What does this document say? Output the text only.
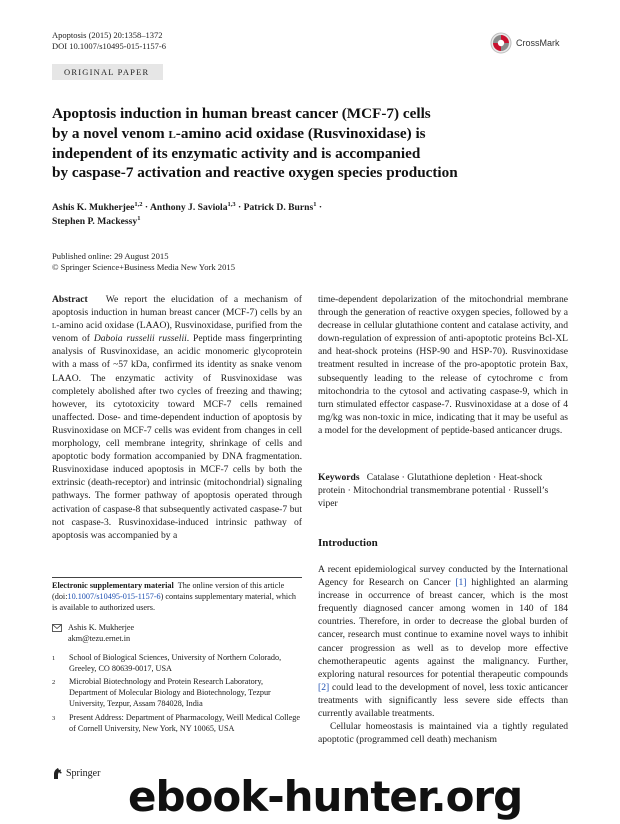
Apoptosis (2015) 20:1358–1372
DOI 10.1007/s10495-015-1157-6	CrossMark
ORIGINAL PAPER
Apoptosis induction in human breast cancer (MCF-7) cells
by a novel venom l-amino acid oxidase (Rusvinoxidase) is
independent of its enzymatic activity and is accompanied
by caspase-7 activation and reactive oxygen species production
Ashis K. Mukherjee$^{1,2}$ · Anthony J. Saviola$^{1,3}$ · Patrick D. Burns$^1$ ·
Stephen P. Mackessy$^1$
Published online: 29 August 2015
© Springer Science+Business Media New York 2015
Abstract We report the elucidation of a mechanism of apoptosis induction in human breast cancer (MCF-7) cells by an l-amino acid oxidase (LAAO), Rusvinoxidase, purified from the venom of Daboia russelii russelii. Peptide mass fingerprinting analysis of Rusvinoxidase, an acidic monomeric glycoprotein with a mass of ~57 kDa, confirmed its identity as snake venom LAAO. The enzymatic activity of Rusvinoxidase was completely abolished after two cycles of freezing and thawing; however, its cytotoxicity toward MCF-7 cells remained unaffected. Dose- and time-dependent induction of apoptosis by Rusvinoxidase on MCF-7 cells was evident from changes in cell morphology, cell membrane integrity, shrinkage of cells and apoptotic body formation accompanied by DNA fragmentation. Rusvinoxidase induced apoptosis in MCF-7 cells by both the extrinsic (death-receptor) and intrinsic (mitochondrial) signaling pathways. The former pathway of apoptosis operated through activation of caspase-8 that subsequently activated caspase-7 but not caspase-3. Rusvinoxidase-induced intrinsic pathway of apoptosis was accompanied by a
time-dependent depolarization of the mitochondrial membrane through the generation of reactive oxygen species, followed by a decrease in cellular glutathione content and catalase activity, and down-regulation of expression of anti-apoptotic proteins Bcl-XL and heat-shock proteins (HSP-90 and HSP-70). Rusvinoxidase treatment resulted in increase of the pro-apoptotic protein Bax, subsequently leading to the release of cytochrome c from mitochondria to the cytosol and activating caspase-9, which in turn stimulated effector caspase-7. Rusvinoxidase at a dose of 4 mg/kg was non-toxic in mice, indicating that it may be useful as a model for the development of peptide-based anticancer drugs.
Keywords Catalase · Glutathione depletion · Heat-shock protein · Mitochondrial transmembrane potential · Russell’s viper
Introduction

A recent epidemiological survey conducted by the International Agency for Research on Cancer [1] highlighted an alarming increase in occurrence of breast cancer, which is the most frequently diagnosed cancer among women in 140 of 184 countries. Therefore, in order to decrease the global burden of cancer, research must continue to examine novel ways to inhibit cancer progression as well as to develop more effective chemotherapeutic agents against the malignancy. Further, exploring natural resources for potential therapeutic compounds [2] could lead to the development of novel, less toxic anticancer treatments with significantly less severe side effects than currently available treatments.

Cellular homeostasis is maintained via a tightly regulated apoptotic (programmed cell death) mechanism

Electronic supplementary material The online version of this article (doi:10.1007/s10495-015-1157-6) contains supplementary material, which is available to authorized users.
Ashis K. Mukherjee
akm@tezu.ernet.in
1	School of Biological Sciences, University of Northern Colorado, Greeley, CO 80639-0017, USA
2	Microbial Biotechnology and Protein Research Laboratory, Department of Molecular Biology and Biotechnology, Tezpur University, Tezpur, Assam 784028, India
3	Present Address: Department of Pharmacology, Weill Medical College of Cornell University, New York, NY 10065, USA
Springer ebook-hunter.org
